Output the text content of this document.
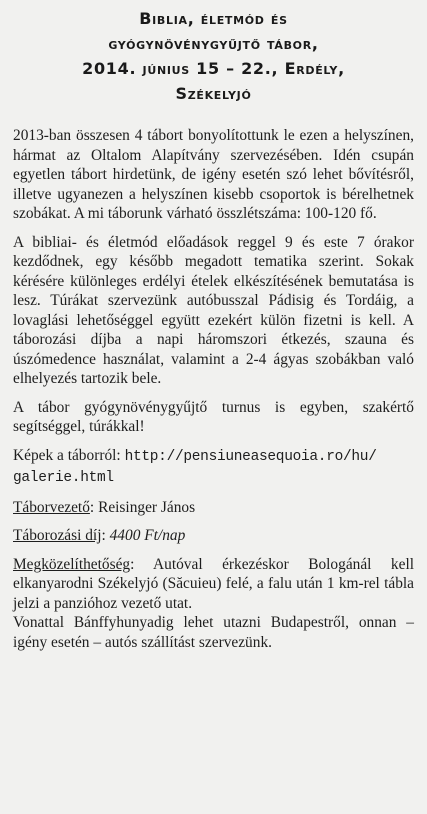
Biblia, életmód és
gyógynövénygyűjtő tábor,
2014. június 15 – 22., Erdély,
Székelyjó

2013-ban összesen 4 tábort bonyolítottunk le ezen a helyszínen, hármat az Oltalom Alapítvány szervezésében. Idén csupán egyetlen tábort hirdetünk, de igény esetén szó lehet bővítésről, illetve ugyanezen a helyszínen kisebb csoportok is bérelhetnek szobákat. A mi táborunk várható összlétszáma: 100-120 fő.

A bibliai- és életmód előadások reggel 9 és este 7 órakor kezdődnek, egy később megadott tematika szerint. Sokak kérésére különleges erdélyi ételek elkészítésének bemutatása is lesz. Túrákat szervezünk autóbusszal Pádisig és Tordáig, a lovaglási lehetőséggel együtt ezekért külön fizetni is kell. A táborozási díjba a napi háromszori étkezés, szauna és úszómedence használat, valamint a 2-4 ágyas szobákban való elhelyezés tartozik bele.

A tábor gyógynövénygyűjtő turnus is egyben, szakértő segítséggel, túrákkal!

Képek a táborról: http://pensiuneasequoia.ro/hu/
galerie.html

Táborvezető: Reisinger János

Táborozási díj: 4400 Ft/nap

Megközelíthetőség: Autóval érkezéskor Bologánál kell elkanyarodni Székelyjó (Săcuieu) felé, a falu után 1 km-rel tábla jelzi a panzióhoz vezető utat.

Vonattal Bánffyhunyadig lehet utazni Budapestről, onnan – igény esetén – autós szállítást szervezünk.
